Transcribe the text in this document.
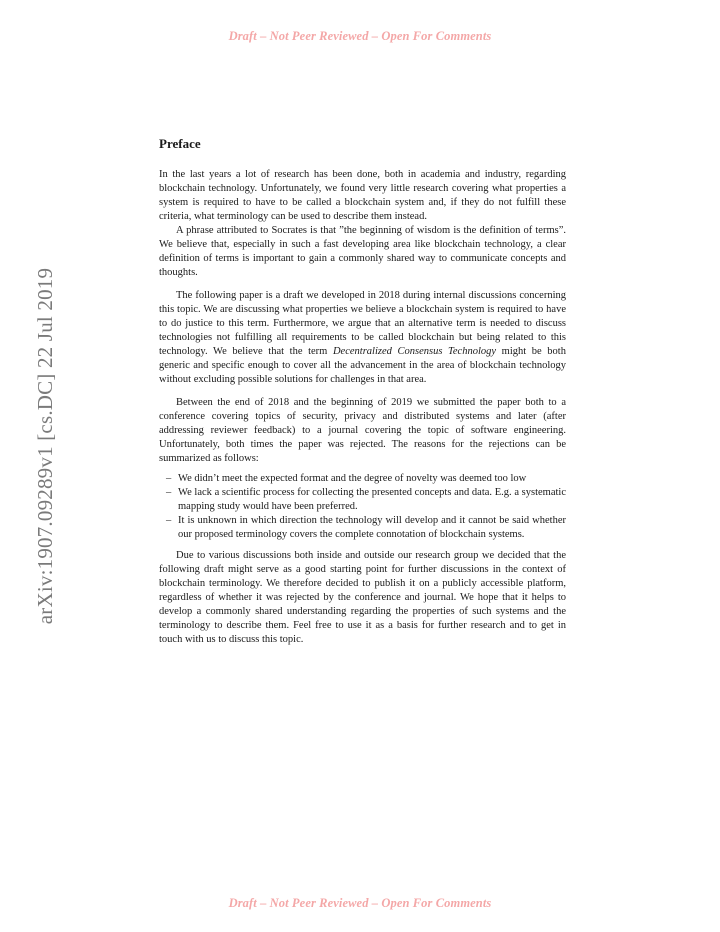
Draft – Not Peer Reviewed – Open For Comments
arXiv:1907.09289v1 [cs.DC] 22 Jul 2019
Preface

In the last years a lot of research has been done, both in academia and industry, regarding blockchain technology. Unfortunately, we found very little research covering what properties a system is required to have to be called a blockchain system and, if they do not fulfill these criteria, what terminology can be used to describe them instead.

A phrase attributed to Socrates is that ”the beginning of wisdom is the definition of terms”. We believe that, especially in such a fast developing area like blockchain technology, a clear definition of terms is important to gain a commonly shared way to communicate concepts and thoughts.

The following paper is a draft we developed in 2018 during internal discussions concerning this topic. We are discussing what properties we believe a blockchain system is required to have to do justice to this term. Furthermore, we argue that an alternative term is needed to discuss technologies not fulfilling all requirements to be called blockchain but being related to this technology. We believe that the term Decentralized Consensus Technology might be both generic and specific enough to cover all the advancement in the area of blockchain technology without excluding possible solutions for challenges in that area.

Between the end of 2018 and the beginning of 2019 we submitted the paper both to a conference covering topics of security, privacy and distributed systems and later (after addressing reviewer feedback) to a journal covering the topic of software engineering. Unfortunately, both times the paper was rejected. The reasons for the rejections can be summarized as follows:

– We didn’t meet the expected format and the degree of novelty was deemed too low
– We lack a scientific process for collecting the presented concepts and data. E.g. a systematic mapping study would have been preferred.
– It is unknown in which direction the technology will develop and it cannot be said whether our proposed terminology covers the complete connotation of blockchain systems.

Due to various discussions both inside and outside our research group we decided that the following draft might serve as a good starting point for further discussions in the context of blockchain terminology. We therefore decided to publish it on a publicly accessible platform, regardless of whether it was rejected by the conference and journal. We hope that it helps to develop a commonly shared understanding regarding the properties of such systems and the terminology to describe them. Feel free to use it as a basis for further research and to get in touch with us to discuss this topic.

Draft – Not Peer Reviewed – Open For Comments
